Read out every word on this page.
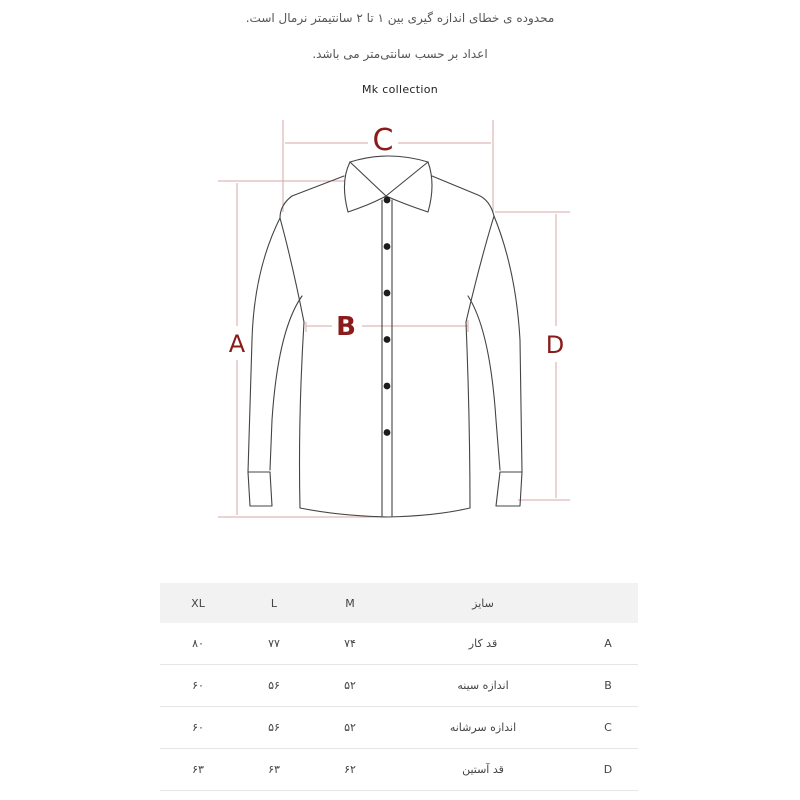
محدوده ی خطای اندازه گیری بین ۱ تا ۲ سانتیمتر نرمال است.
اعداد بر حسب سانتی‌متر می باشد.
Mk collection
C
A
B
D
XL	L	M	سایز	
۸۰	۷۷	۷۴	قد کار	A
۶۰	۵۶	۵۲	اندازه سینه	B
۶۰	۵۶	۵۲	اندازه سرشانه	C
۶۳	۶۳	۶۲	قد آستین	D
